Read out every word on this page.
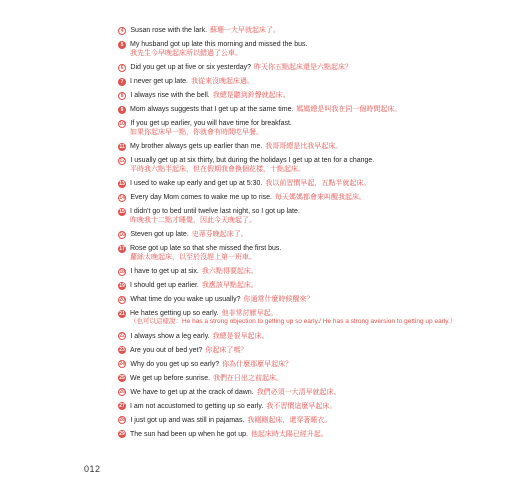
4 Susan rose with the lark. 蘇珊一大早就起床了。
5 My husband got up late this morning and missed the bus.
我先生今早晚起床所以錯過了公車。
6 Did you get up at five or six yesterday? 昨天你五點起床還是六點起床？
7 I never get up late. 我從來沒晚起床過。
8 I always rise with the bell. 我總是聽到鈴聲就起床。
9 Mom always suggests that I get up at the same time. 媽媽總是叫我在同一個時間起床。
10 If you get up earlier, you will have time for breakfast.
如果你起床早一點，你就會有時間吃早餐。
11 My brother always gets up earlier than me. 我哥哥總是比我早起床。
12 I usually get up at six thirty, but during the holidays I get up at ten for a change.
平時我六點半起床，但在假期我會換個花樣，十點起床。
13 I used to wake up early and get up at 5:30. 我以前習慣早起，五點半就起床。
14 Every day Mom comes to wake me up to rise. 每天媽媽都會來叫醒我起床。
15 I didn't go to bed until twelve last night, so I got up late.
昨晚我十二點才睡覺，因此今天晚起了。
16 Steven got up late. 史蒂芬晚起床了。
17 Rose got up late so that she missed the first bus.
蘿絲太晚起床，以至於沒趕上第一班車。
18 I have to get up at six. 我六點得要起床。
19 I should get up earlier. 我應該早點起床。
20 What time do you wake up usually? 你通常什麼時候醒來？
21 He hates getting up so early. 他非常討厭早起。
（也可以這樣說：He has a strong objection to getting up so early./ He has a strong aversion to getting up early.）
22 I always show a leg early. 我總是很早起床。
23 Are you out of bed yet? 你起床了嗎？
24 Why do you get up so early? 你為什麼那麼早起床？
25 We get up before sunrise. 我們在日出之前起床。
26 We have to get up at the crack of dawn. 我們必須一大清早就起床。
27 I am not accustomed to getting up so early. 我不習慣這麼早起床。
28 I just got up and was still in pajamas. 我剛剛起床，還穿著睡衣。
29 The sun had been up when he got up. 他起床時太陽已經升起。
012
